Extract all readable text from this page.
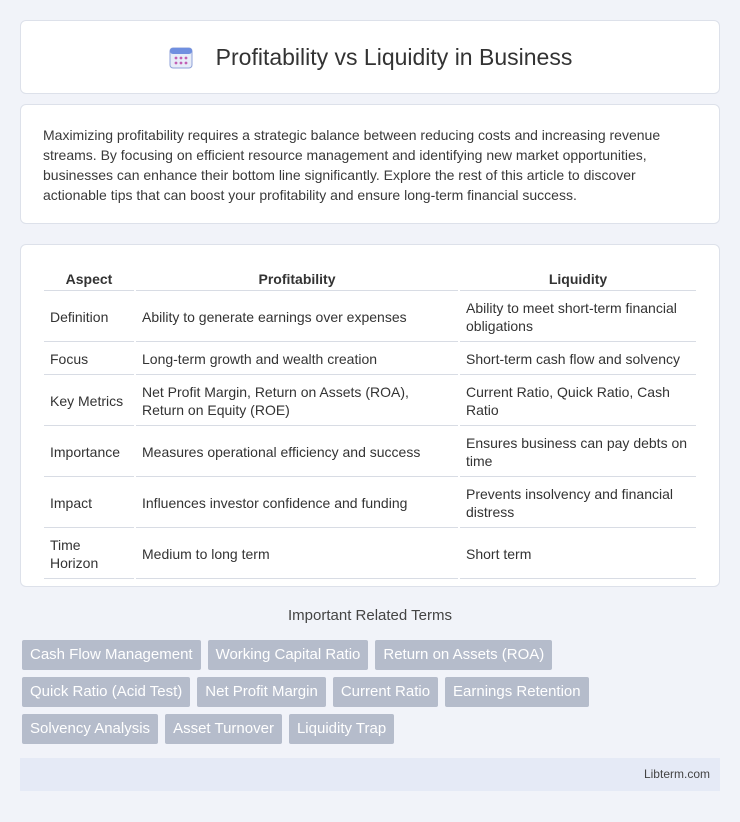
Profitability vs Liquidity in Business

Maximizing profitability requires a strategic balance between reducing costs and increasing revenue streams. By focusing on efficient resource management and identifying new market opportunities, businesses can enhance their bottom line significantly. Explore the rest of this article to discover actionable tips that can boost your profitability and ensure long-term financial success.

Aspect	Profitability	Liquidity
Definition	Ability to generate earnings over expenses	Ability to meet short-term financial obligations
Focus	Long-term growth and wealth creation	Short-term cash flow and solvency
Key Metrics	Net Profit Margin, Return on Assets (ROA), Return on Equity (ROE)	Current Ratio, Quick Ratio, Cash Ratio
Importance	Measures operational efficiency and success	Ensures business can pay debts on time
Impact	Influences investor confidence and funding	Prevents insolvency and financial distress
Time Horizon	Medium to long term	Short term
Important Related Terms
Cash Flow Management	Working Capital Ratio	Return on Assets (ROA)
Quick Ratio (Acid Test)	Net Profit Margin	Current Ratio	Earnings Retention
Solvency Analysis	Asset Turnover	Liquidity Trap
Libterm.com
